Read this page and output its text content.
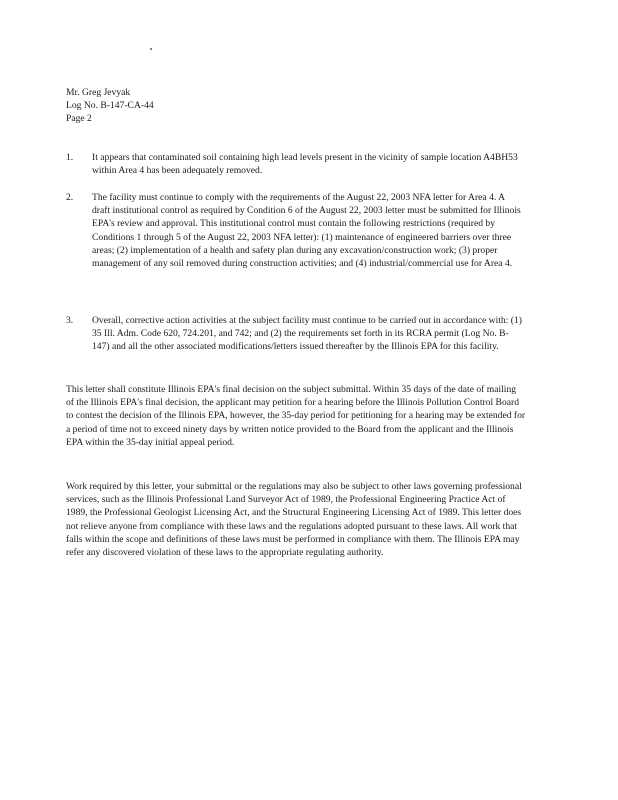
Mr. Greg Jevyak
Log No. B-147-CA-44
Page 2
1.	It appears that contaminated soil containing high lead levels present in the vicinity of sample location A4BH53 within Area 4 has been adequately removed.
2.	The facility must continue to comply with the requirements of the August 22, 2003 NFA letter for Area 4. A draft institutional control as required by Condition 6 of the August 22, 2003 letter must be submitted for Illinois EPA's review and approval. This institutional control must contain the following restrictions (required by Conditions 1 through 5 of the August 22, 2003 NFA letter): (1) maintenance of engineered barriers over three areas; (2) implementation of a health and safety plan during any excavation/construction work; (3) proper management of any soil removed during construction activities; and (4) industrial/commercial use for Area 4.
3.	Overall, corrective action activities at the subject facility must continue to be carried out in accordance with: (1) 35 Ill. Adm. Code 620, 724.201, and 742; and (2) the requirements set forth in its RCRA permit (Log No. B-147) and all the other associated modifications/letters issued thereafter by the Illinois EPA for this facility.
This letter shall constitute Illinois EPA's final decision on the subject submittal. Within 35 days of the date of mailing of the Illinois EPA's final decision, the applicant may petition for a hearing before the Illinois Pollution Control Board to contest the decision of the Illinois EPA, however, the 35-day period for petitioning for a hearing may be extended for a period of time not to exceed ninety days by written notice provided to the Board from the applicant and the Illinois EPA within the 35-day initial appeal period.
Work required by this letter, your submittal or the regulations may also be subject to other laws governing professional services, such as the Illinois Professional Land Surveyor Act of 1989, the Professional Engineering Practice Act of 1989, the Professional Geologist Licensing Act, and the Structural Engineering Licensing Act of 1989. This letter does not relieve anyone from compliance with these laws and the regulations adopted pursuant to these laws. All work that falls within the scope and definitions of these laws must be performed in compliance with them. The Illinois EPA may refer any discovered violation of these laws to the appropriate regulating authority.
